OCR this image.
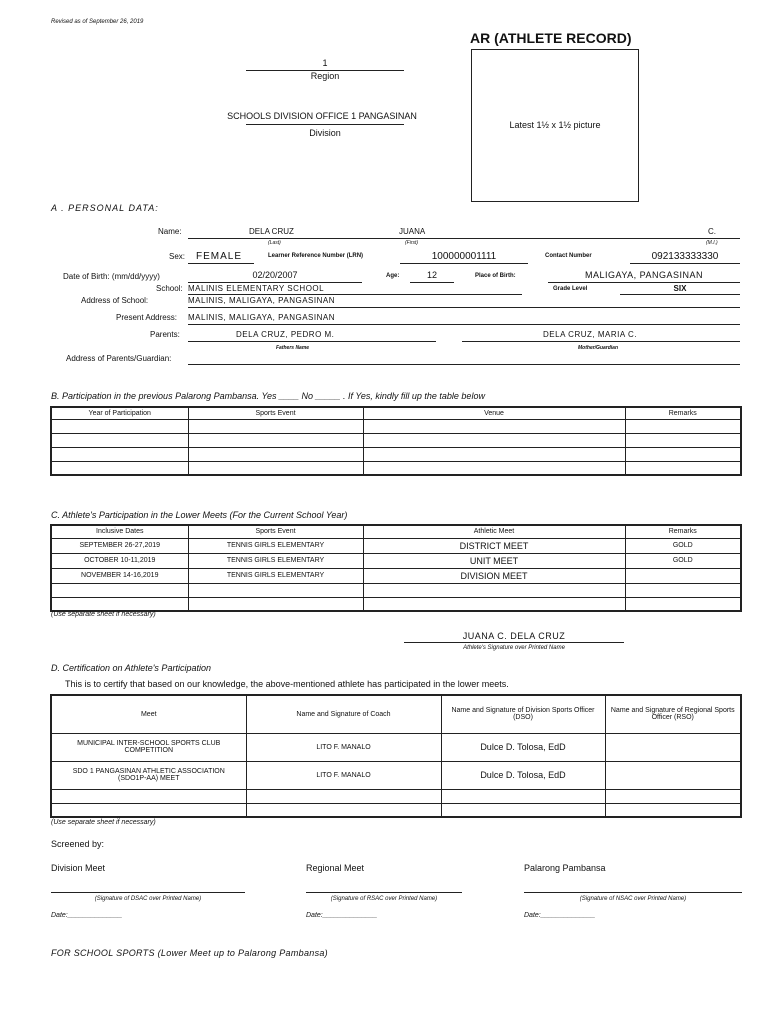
Revised as of September 26, 2019
AR (ATHLETE RECORD)
1
Region
SCHOOLS DIVISION OFFICE 1 PANGASINAN
Division
Latest 1½ x 1½ picture
A . PERSONAL DATA:
Name:	DELA CRUZ	JUANA	C.
(Last)	(First)	(M.I.)
Sex: FEMALE	Learner Reference Number (LRN)	100000001111	Contact Number	092133333330
Date of Birth: (mm/dd/yyyy)	02/20/2007	Age:	12	Place of Birth:	MALIGAYA, PANGASINAN
School: MALINIS ELEMENTARY SCHOOL	Grade Level	SIX
Address of School:	MALINIS, MALIGAYA, PANGASINAN
Present Address: MALINIS, MALIGAYA, PANGASINAN
Parents:	DELA CRUZ, PEDRO M.	DELA CRUZ, MARIA C.
Fathers Name	Mother/Guardian
Address of Parents/Guardian:
B. Participation in the previous Palarong Pambansa. Yes ____ No _____ . If Yes, kindly fill up the table below
Year of Participation	Sports Event	Venue	Remarks

C. Athlete's Participation in the Lower Meets (For the Current School Year)
Inclusive Dates	Sports Event	Athletic Meet	Remarks
SEPTEMBER 26-27,2019	TENNIS GIRLS ELEMENTARY	DISTRICT MEET	GOLD
OCTOBER 10-11,2019	TENNIS GIRLS ELEMENTARY	UNIT MEET	GOLD
NOVEMBER 14-16,2019	TENNIS GIRLS ELEMENTARY	DIVISION MEET	

(Use separate sheet if necessary)
JUANA C. DELA CRUZ
Athlete's Signature over Printed Name
D. Certification on Athlete's Participation
This is to certify that based on our knowledge, the above-mentioned athlete has participated in the lower meets.
Meet	Name and Signature of Coach	Name and Signature of Division Sports Officer (DSO)	Name and Signature of Regional Sports Officer (RSO)
MUNICIPAL INTER-SCHOOL SPORTS CLUB COMPETITION	LITO F. MANALO	Dulce D. Tolosa, EdD	
SDO 1 PANGASINAN ATHLETIC ASSOCIATION (SDO1P-AA) MEET	LITO F. MANALO	Dulce D. Tolosa, EdD	

(Use separate sheet if necessary)
Screened by:
Division Meet	Regional Meet	Palarong Pambansa
(Signature of DSAC over Printed Name)	(Signature of RSAC over Printed Name)	(Signature of NSAC over Printed Name)
Date:______________	Date:______________	Date:______________
FOR SCHOOL SPORTS (Lower Meet up to Palarong Pambansa)
